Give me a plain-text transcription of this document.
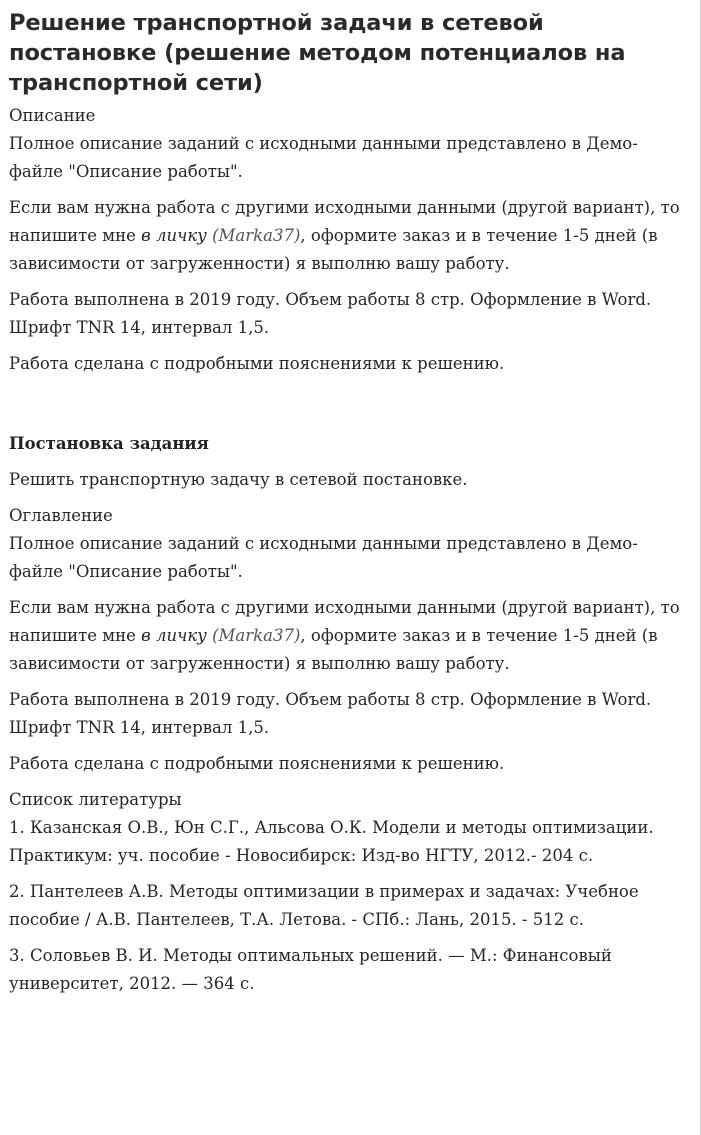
Решение транспортной задачи в сетевой постановке (решение методом потенциалов на транспортной сети)
Описание

Полное описание заданий с исходными данными представлено в Демо-файле "Описание работы".

Если вам нужна работа с другими исходными данными (другой вариант), то напишите мне в личку (Marka37), оформите заказ и в течение 1-5 дней (в зависимости от загруженности) я выполню вашу работу.

Работа выполнена в 2019 году. Объем работы 8 стр. Оформление в Word. Шрифт TNR 14, интервал 1,5.

Работа сделана с подробными пояснениями к решению.

Постановка задания

Решить транспортную задачу в сетевой постановке.

Оглавление

Полное описание заданий с исходными данными представлено в Демо-файле "Описание работы".

Если вам нужна работа с другими исходными данными (другой вариант), то напишите мне в личку (Marka37), оформите заказ и в течение 1-5 дней (в зависимости от загруженности) я выполню вашу работу.

Работа выполнена в 2019 году. Объем работы 8 стр. Оформление в Word. Шрифт TNR 14, интервал 1,5.

Работа сделана с подробными пояснениями к решению.

Список литературы

1. Казанская О.В., Юн С.Г., Альсова О.К. Модели и методы оптимизации. Практикум: уч. пособие - Новосибирск: Изд-во НГТУ, 2012.- 204 с.

2. Пантелеев А.В. Методы оптимизации в примерах и задачах: Учебное пособие / А.В. Пантелеев, Т.А. Летова. - СПб.: Лань, 2015. - 512 с.

3. Соловьев В. И. Методы оптимальных решений. — М.: Финансовый университет, 2012. — 364 с.
